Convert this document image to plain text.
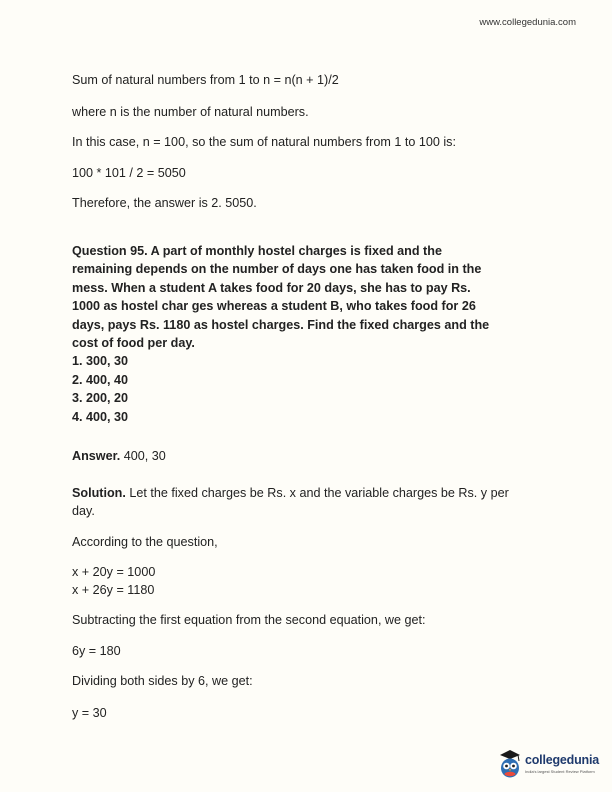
www.collegedunia.com
Sum of natural numbers from 1 to n = n(n + 1)/2
where n is the number of natural numbers.
In this case, n = 100, so the sum of natural numbers from 1 to 100 is:
100 * 101 / 2 = 5050
Therefore, the answer is 2. 5050.
Question 95. A part of monthly hostel charges is fixed and the
remaining depends on the number of days one has taken food in the
mess. When a student A takes food for 20 days, she has to pay Rs.
1000 as hostel char ges whereas a student B, who takes food for 26
days, pays Rs. 1180 as hostel charges. Find the fixed charges and the
cost of food per day.
1. 300, 30
2. 400, 40
3. 200, 20
4. 400, 30
Answer. 400, 30
Solution. Let the fixed charges be Rs. x and the variable charges be Rs. y per day.
According to the question,
x + 20y = 1000
x + 26y = 1180
Subtracting the first equation from the second equation, we get:
6y = 180
Dividing both sides by 6, we get:
y = 30
collegedunia
India's largest Student Review Platform
